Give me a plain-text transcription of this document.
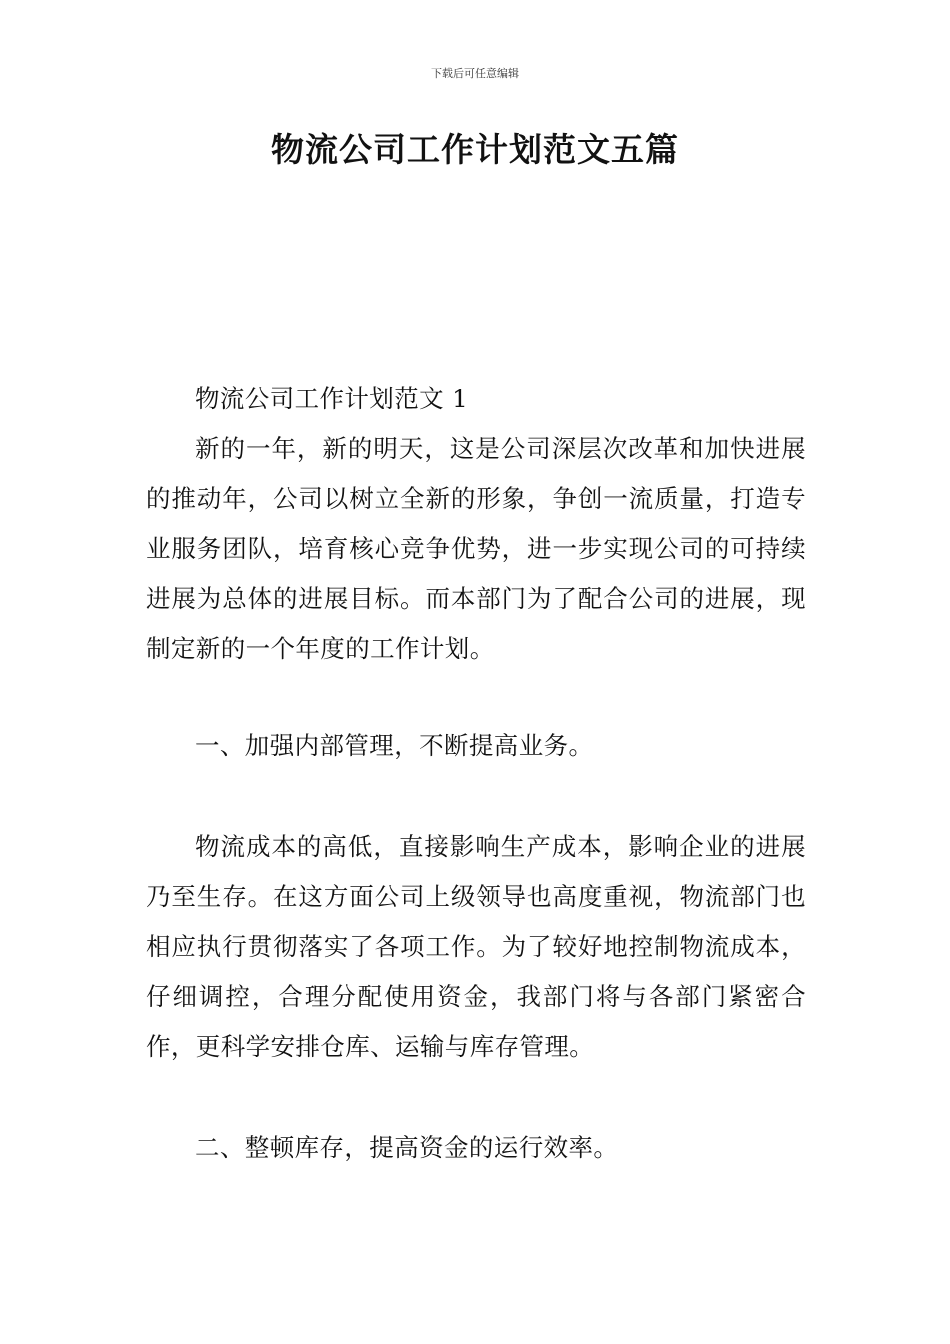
下载后可任意编辑
物流公司工作计划范文五篇

物流公司工作计划范文 1

新的一年，新的明天，这是公司深层次改革和加快进展的推动年，公司以树立全新的形象，争创一流质量，打造专业服务团队，培育核心竞争优势，进一步实现公司的可持续进展为总体的进展目标。而本部门为了配合公司的进展，现制定新的一个年度的工作计划。

一、加强内部管理，不断提高业务。

物流成本的高低，直接影响生产成本，影响企业的进展乃至生存。在这方面公司上级领导也高度重视，物流部门也相应执行贯彻落实了各项工作。为了较好地控制物流成本，仔细调控，合理分配使用资金，我部门将与各部门紧密合作，更科学安排仓库、运输与库存管理。

二、整顿库存，提高资金的运行效率。
